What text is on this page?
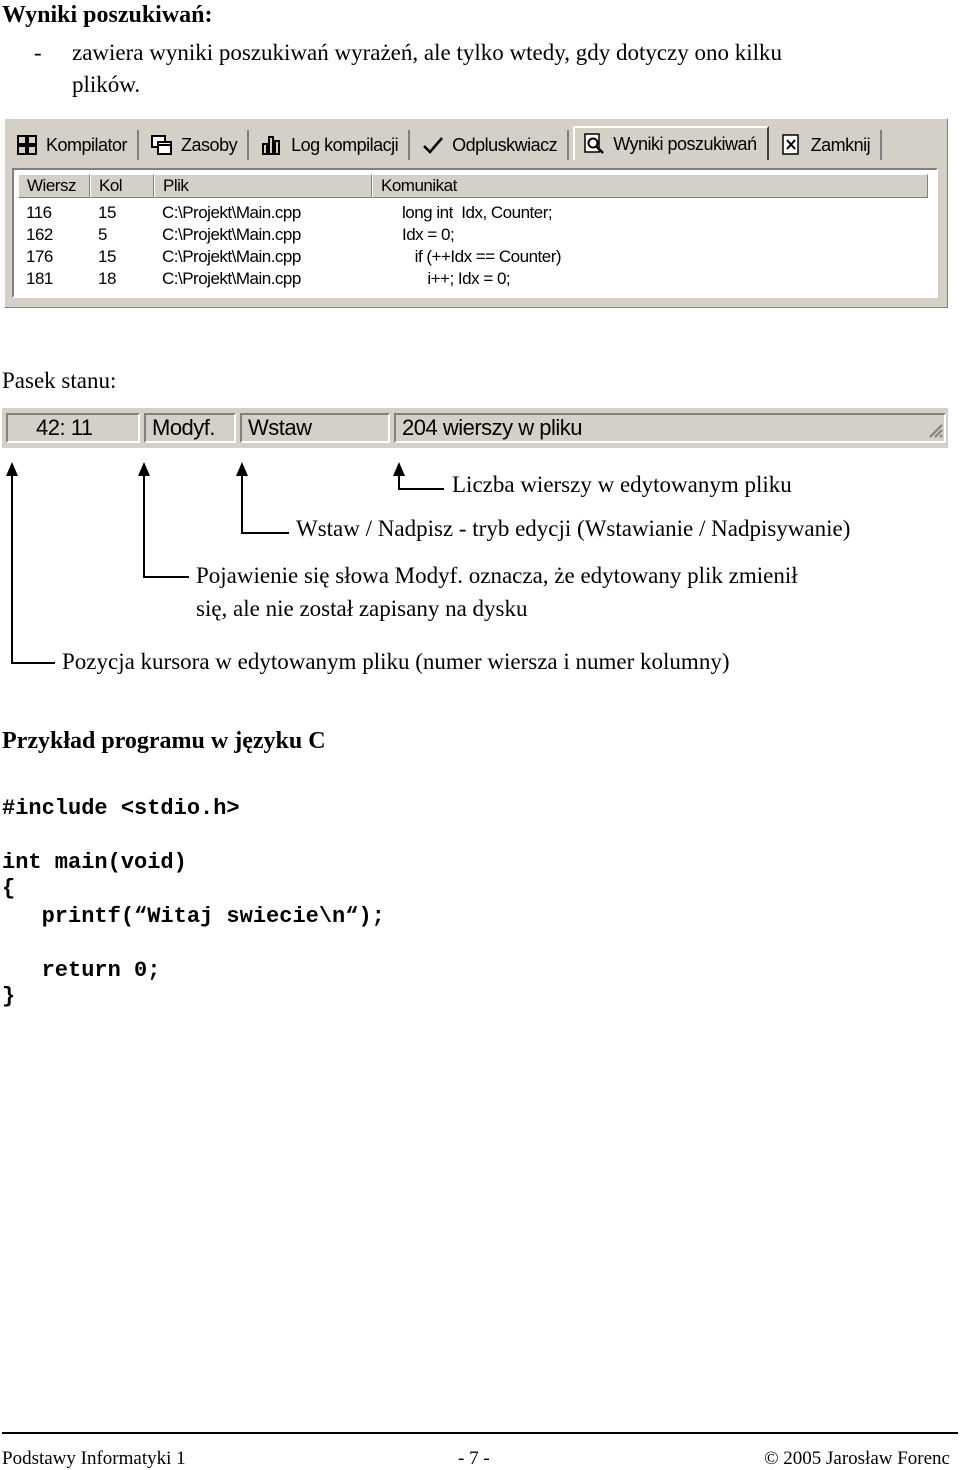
Wyniki poszukiwań:
- zawiera wyniki poszukiwań wyrażeń, ale tylko wtedy, gdy dotyczy ono kilku
plików.
Kompilator	Zasoby	Log kompilacji	Odpluskwiacz	Wyniki poszukiwań	Zamknij
Wiersz	Kol	Plik	Komunikat
116	15	C:\Projekt\Main.cpp	long int  Idx, Counter;
162	5	C:\Projekt\Main.cpp	Idx = 0;
176	15	C:\Projekt\Main.cpp	if (++Idx == Counter)
181	18	C:\Projekt\Main.cpp	i++; Idx = 0;
Pasek stanu:
42: 11	Modyf.	Wstaw	204 wierszy w pliku
Liczba wierszy w edytowanym pliku
Wstaw / Nadpisz - tryb edycji (Wstawianie / Nadpisywanie)
Pojawienie się słowa Modyf. oznacza, że edytowany plik zmienił
się, ale nie został zapisany na dysku
Pozycja kursora w edytowanym pliku (numer wiersza i numer kolumny)
Przykład programu w języku C
#include <stdio.h>
int main(void)
{
printf(“Witaj swiecie\n“);
return 0;
}
Podstawy Informatyki 1	- 7 -	© 2005 Jarosław Forenc
